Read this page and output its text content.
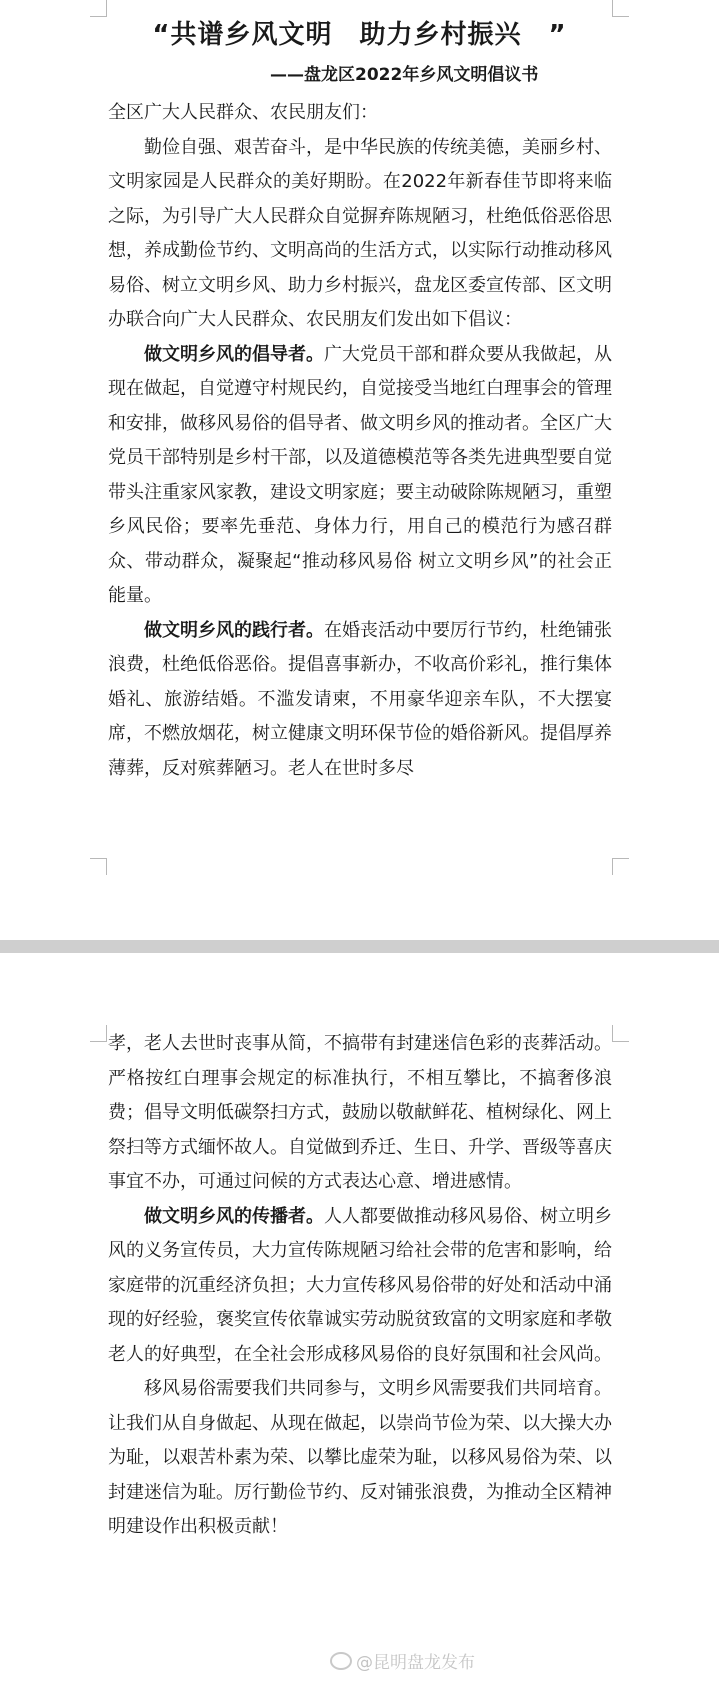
“共谱乡风文明　助力乡村振兴　”
——盘龙区2022年乡风文明倡议书

全区广大人民群众、农民朋友们：

勤俭自强、艰苦奋斗，是中华民族的传统美德，美丽乡村、文明家园是人民群众的美好期盼。在2022年新春佳节即将来临之际，为引导广大人民群众自觉摒弃陈规陋习，杜绝低俗恶俗思想，养成勤俭节约、文明高尚的生活方式，以实际行动推动移风易俗、树立文明乡风、助力乡村振兴，盘龙区委宣传部、区文明办联合向广大人民群众、农民朋友们发出如下倡议：

做文明乡风的倡导者。广大党员干部和群众要从我做起，从现在做起，自觉遵守村规民约，自觉接受当地红白理事会的管理和安排，做移风易俗的倡导者、做文明乡风的推动者。全区广大党员干部特别是乡村干部，以及道德模范等各类先进典型要自觉带头注重家风家教，建设文明家庭；要主动破除陈规陋习，重塑乡风民俗；要率先垂范、身体力行，用自己的模范行为感召群众、带动群众，凝聚起“推动移风易俗 树立文明乡风”的社会正能量。

做文明乡风的践行者。在婚丧活动中要厉行节约，杜绝铺张浪费，杜绝低俗恶俗。提倡喜事新办，不收高价彩礼，推行集体婚礼、旅游结婚。不滥发请柬，不用豪华迎亲车队，不大摆宴席，不燃放烟花，树立健康文明环保节俭的婚俗新风。提倡厚养薄葬，反对殡葬陋习。老人在世时多尽

孝，老人去世时丧事从简，不搞带有封建迷信色彩的丧葬活动。严格按红白理事会规定的标准执行，不相互攀比，不搞奢侈浪费；倡导文明低碳祭扫方式，鼓励以敬献鲜花、植树绿化、网上祭扫等方式缅怀故人。自觉做到乔迁、生日、升学、晋级等喜庆事宜不办，可通过问候的方式表达心意、增进感情。

做文明乡风的传播者。人人都要做推动移风易俗、树立明乡风的义务宣传员，大力宣传陈规陋习给社会带的危害和影响，给家庭带的沉重经济负担；大力宣传移风易俗带的好处和活动中涌现的好经验，褒奖宣传依靠诚实劳动脱贫致富的文明家庭和孝敬老人的好典型，在全社会形成移风易俗的良好氛围和社会风尚。

移风易俗需要我们共同参与，文明乡风需要我们共同培育。让我们从自身做起、从现在做起，以崇尚节俭为荣、以大操大办为耻，以艰苦朴素为荣、以攀比虚荣为耻，以移风易俗为荣、以封建迷信为耻。厉行勤俭节约、反对铺张浪费，为推动全区精神明建设作出积极贡献！

@昆明盘龙发布
